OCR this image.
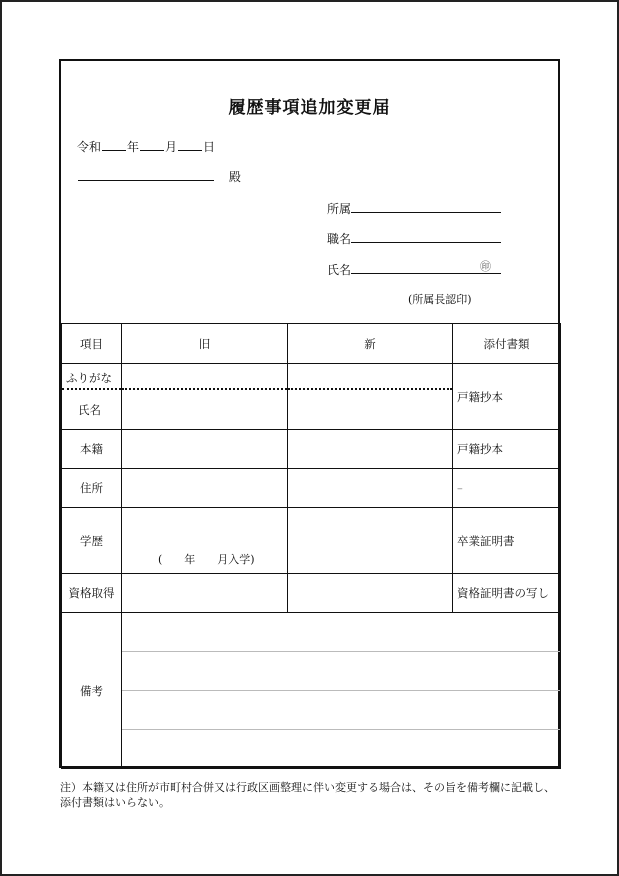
履歴事項追加変更届
令和 年 月 日
殿
所属
職名
氏名	㊞
(所属長認印)
項目	旧	新	添付書類

ふりがな
氏名			戸籍抄本
本籍			戸籍抄本
住所			–
学歴	(　　年　　月入学)		卒業証明書
資格取得			資格証明書の写し
備考			
注）本籍又は住所が市町村合併又は行政区画整理に伴い変更する場合は、その旨を備考欄に記載し、添付書類はいらない。
